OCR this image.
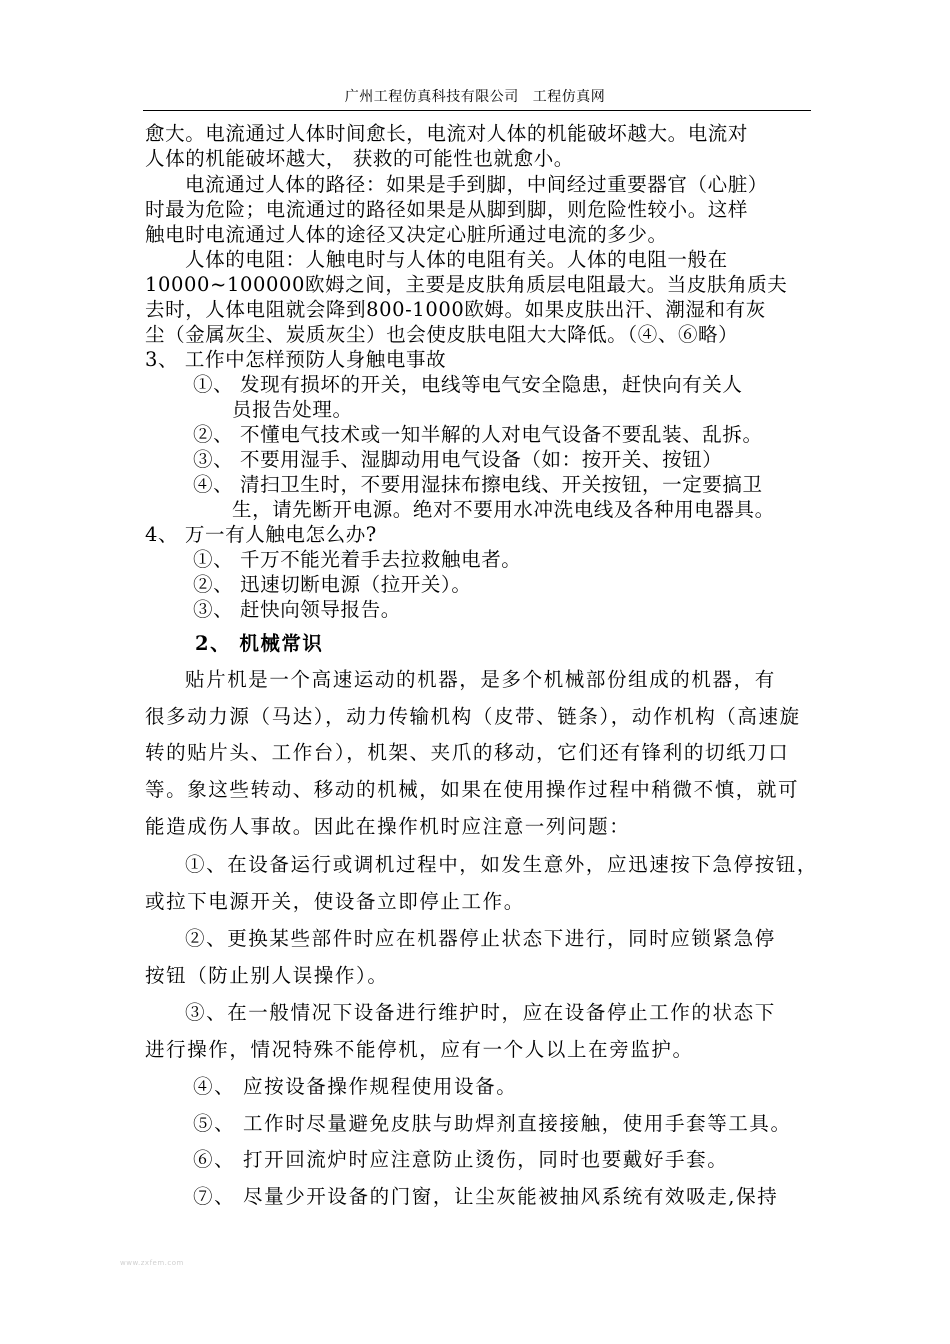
广州工程仿真科技有限公司 工程仿真网
愈大。电流通过人体时间愈长，电流对人体的机能破坏越大。电流对
人体的机能破坏越大， 获救的可能性也就愈小。
电流通过人体的路径：如果是手到脚，中间经过重要器官（心脏）
时最为危险；电流通过的路径如果是从脚到脚，则危险性较小。这样
触电时电流通过人体的途径又决定心脏所通过电流的多少。
人体的电阻：人触电时与人体的电阻有关。人体的电阻一般在
10000~100000欧姆之间，主要是皮肤角质层电阻最大。当皮肤角质夫
去时，人体电阻就会降到800-1000欧姆。如果皮肤出汗、潮湿和有灰
尘（金属灰尘、炭质灰尘）也会使皮肤电阻大大降低。（④、⑥略）
3、 工作中怎样预防人身触电事故
①、 发现有损坏的开关，电线等电气安全隐患，赶快向有关人
员报告处理。
②、 不懂电气技术或一知半解的人对电气设备不要乱装、乱拆。
③、 不要用湿手、湿脚动用电气设备（如：按开关、按钮）
④、 清扫卫生时，不要用湿抹布擦电线、开关按钮，一定要搞卫
生，请先断开电源。绝对不要用水冲洗电线及各种用电器具。
4、 万一有人触电怎么办?
①、 千万不能光着手去拉救触电者。
②、 迅速切断电源（拉开关）。
③、 赶快向领导报告。
2、 机械常识
贴片机是一个高速运动的机器，是多个机械部份组成的机器，有
很多动力源（马达），动力传输机构（皮带、链条），动作机构（高速旋
转的贴片头、工作台），机架、夹爪的移动，它们还有锋利的切纸刀口
等。象这些转动、移动的机械，如果在使用操作过程中稍微不慎，就可
能造成伤人事故。因此在操作机时应注意一列问题：
①、在设备运行或调机过程中，如发生意外，应迅速按下急停按钮，
或拉下电源开关，使设备立即停止工作。
②、更换某些部件时应在机器停止状态下进行，同时应锁紧急停
按钮（防止别人误操作）。
③、在一般情况下设备进行维护时，应在设备停止工作的状态下
进行操作，情况特殊不能停机，应有一个人以上在旁监护。
④、 应按设备操作规程使用设备。
⑤、 工作时尽量避免皮肤与助焊剂直接接触，使用手套等工具。
⑥、 打开回流炉时应注意防止烫伤，同时也要戴好手套。
⑦、 尽量少开设备的门窗，让尘灰能被抽风系统有效吸走,保持
www.zxfem.com
